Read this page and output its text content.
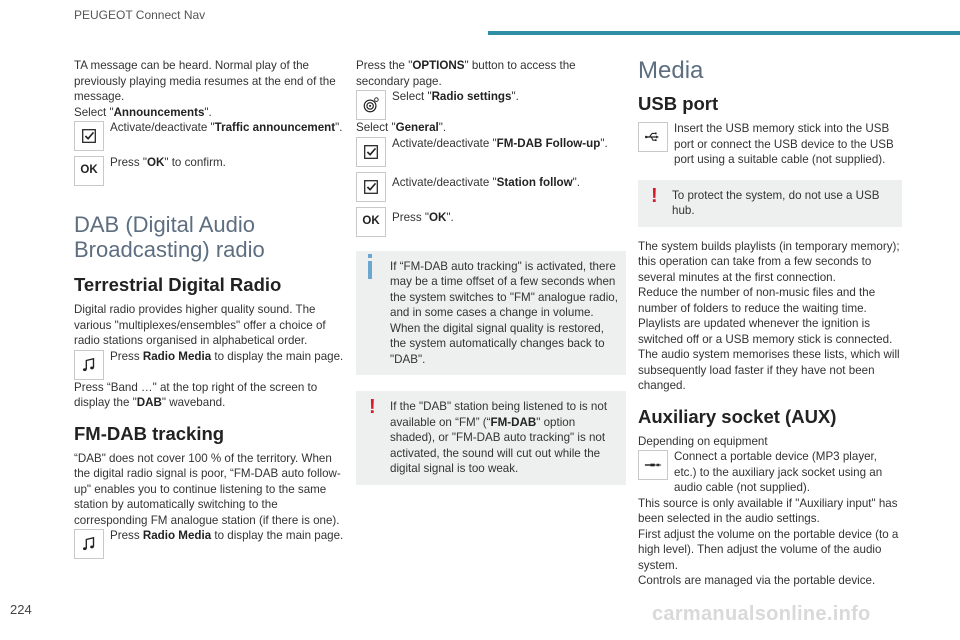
PEUGEOT Connect Nav

TA message can be heard. Normal play of the previously playing media resumes at the end of the message.

Select "Announcements".

Activate/deactivate "Traffic announcement".

OK

Press "OK" to confirm.

DAB (Digital Audio Broadcasting) radio
Terrestrial Digital Radio

Digital radio provides higher quality sound. The various "multiplexes/ensembles" offer a choice of radio stations organised in alphabetical order.

Press Radio Media to display the main page.

Press “Band …" at the top right of the screen to display the "DAB" waveband.

FM-DAB tracking

“DAB" does not cover 100 % of the territory. When the digital radio signal is poor, “FM-DAB auto follow-up" enables you to continue listening to the same station by automatically switching to the corresponding FM analogue station (if there is one).

Press Radio Media to display the main page.

Press the "OPTIONS" button to access the secondary page.

Select "Radio settings".

Select "General".

Activate/deactivate "FM-DAB Follow-up".

Activate/deactivate "Station follow".

OK Press "OK".

If “FM-DAB auto tracking" is activated, there may be a time offset of a few seconds when the system switches to "FM" analogue radio, and in some cases a change in volume.

When the digital signal quality is restored, the system automatically changes back to "DAB".

!	If the "DAB" station being listened to is not available on “FM” (“FM-DAB" option shaded), or "FM-DAB auto tracking" is not activated, the sound will cut out while the digital signal is too weak.

Media
USB port

Insert the USB memory stick into the USB port or connect the USB device to the USB port using a suitable cable (not supplied).

!	To protect the system, do not use a USB hub.

The system builds playlists (in temporary memory); this operation can take from a few seconds to several minutes at the first connection.

Reduce the number of non-music files and the number of folders to reduce the waiting time.

Playlists are updated whenever the ignition is switched off or a USB memory stick is connected. The audio system memorises these lists, which will subsequently load faster if they have not been changed.

Auxiliary socket (AUX)

Depending on equipment

Connect a portable device (MP3 player, etc.) to the auxiliary jack socket using an audio cable (not supplied).

This source is only available if "Auxiliary input" has been selected in the audio settings.

First adjust the volume on the portable device (to a high level). Then adjust the volume of the audio system.

Controls are managed via the portable device.

224	carmanualsonline.info
